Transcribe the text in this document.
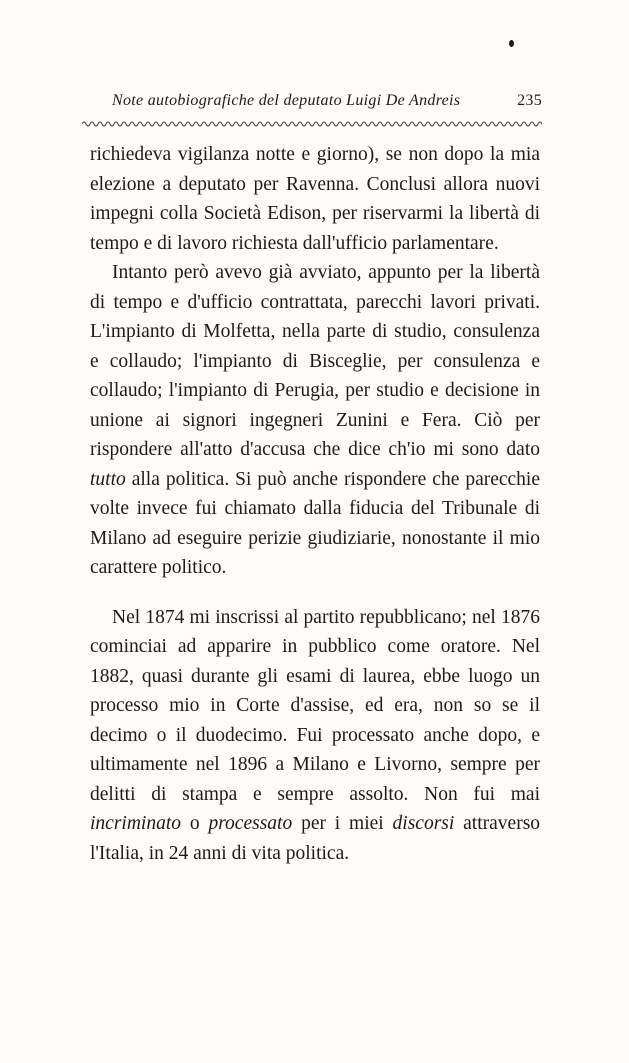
Note autobiografiche del deputato Luigi De Andreis	235

richiedeva vigilanza notte e giorno), se non dopo la mia elezione a deputato per Ravenna. Conclusi allora nuovi impegni colla Società Edison, per riservarmi la libertà di tempo e di lavoro richiesta dall'ufficio parlamentare.

Intanto però avevo già avviato, appunto per la libertà di tempo e d'ufficio contrattata, parecchi lavori privati. L'impianto di Molfetta, nella parte di studio, consulenza e collaudo; l'impianto di Bisceglie, per consulenza e collaudo; l'impianto di Perugia, per studio e decisione in unione ai signori ingegneri Zunini e Fera. Ciò per rispondere all'atto d'accusa che dice ch'io mi sono dato tutto alla politica. Si può anche rispondere che parecchie volte invece fui chiamato dalla fiducia del Tribunale di Milano ad eseguire perizie giudiziarie, nonostante il mio carattere politico.

Nel 1874 mi inscrissi al partito repubblicano; nel 1876 cominciai ad apparire in pubblico come oratore. Nel 1882, quasi durante gli esami di laurea, ebbe luogo un processo mio in Corte d'assise, ed era, non so se il decimo o il duodecimo. Fui processato anche dopo, e ultimamente nel 1896 a Milano e Livorno, sempre per delitti di stampa e sempre assolto. Non fui mai incriminato o processato per i miei discorsi attraverso l'Italia, in 24 anni di vita politica.
